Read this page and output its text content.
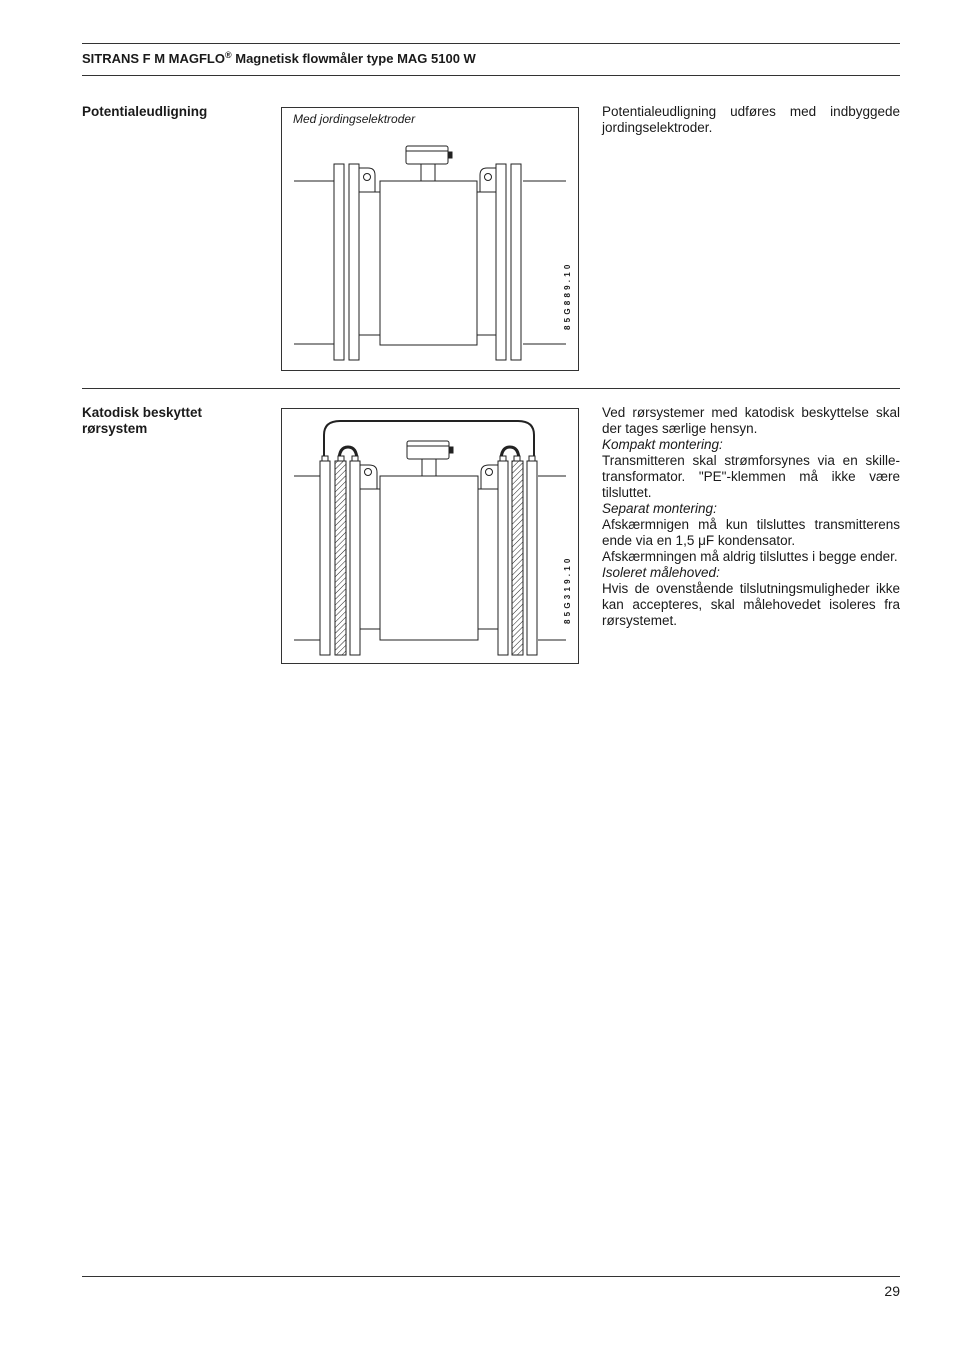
SITRANS F M MAGFLO® Magnetisk flowmåler type MAG 5100 W
Potentialeudligning	Med jordingselektroder
8 5 G 8 8 9 . 1 0

Potentialeudligning udføres med indbyggede jordingselektroder.

Katodisk beskyttet rørsystem
8 5 G 3 1 9 . 1 0

Ved rørsystemer med katodisk beskyttelse skal der tages særlige hensyn.

Kompakt montering:

Transmitteren skal strømforsynes via en skille-transformator. "PE"-klemmen må ikke være tilsluttet.

Separat montering:

Afskærmnigen må kun tilsluttes transmitterens ende via en 1,5 μF kondensator.

Afskærmningen må aldrig tilsluttes i begge ender.

Isoleret målehoved:

Hvis de ovenstående tilslutningsmuligheder ikke kan accepteres, skal målehovedet isoleres fra rørsystemet.

29
